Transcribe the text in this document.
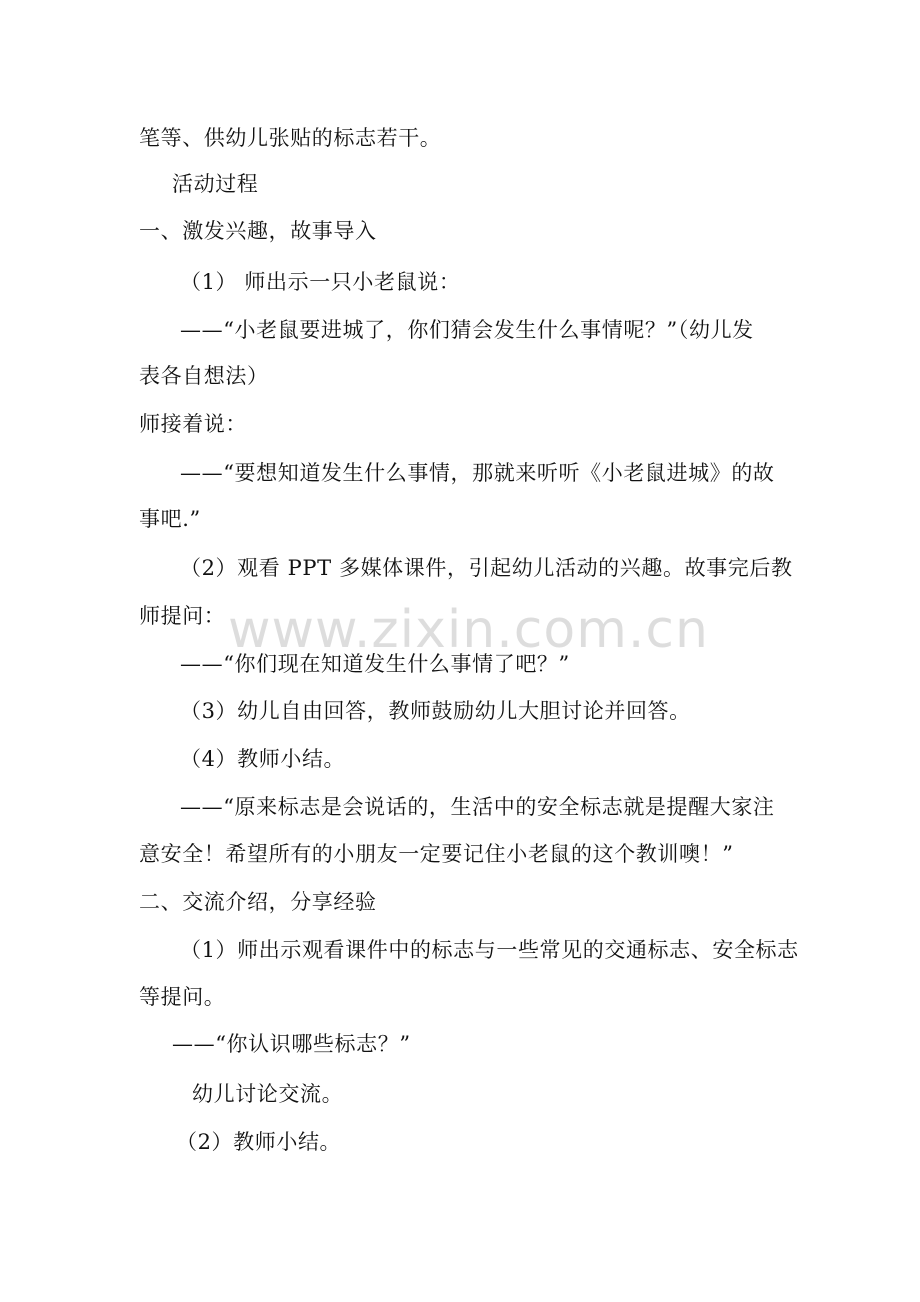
笔等、供幼儿张贴的标志若干。
活动过程
一、激发兴趣，故事导入
（1） 师出示一只小老鼠说：
——“小老鼠要进城了，你们猜会发生什么事情呢？”（幼儿发
表各自想法）
师接着说：
——“要想知道发生什么事情，那就来听听《小老鼠进城》的故
事吧.”
（2）观看 PPT 多媒体课件，引起幼儿活动的兴趣。故事完后教
师提问：
——“你们现在知道发生什么事情了吧？”
（3）幼儿自由回答，教师鼓励幼儿大胆讨论并回答。
（4）教师小结。
——“原来标志是会说话的，生活中的安全标志就是提醒大家注
意安全！希望所有的小朋友一定要记住小老鼠的这个教训噢！”
二、交流介绍，分享经验
（1）师出示观看课件中的标志与一些常见的交通标志、安全标志
等提问。
——“你认识哪些标志？”
幼儿讨论交流。
（2）教师小结。
www.zixin.com.cn
